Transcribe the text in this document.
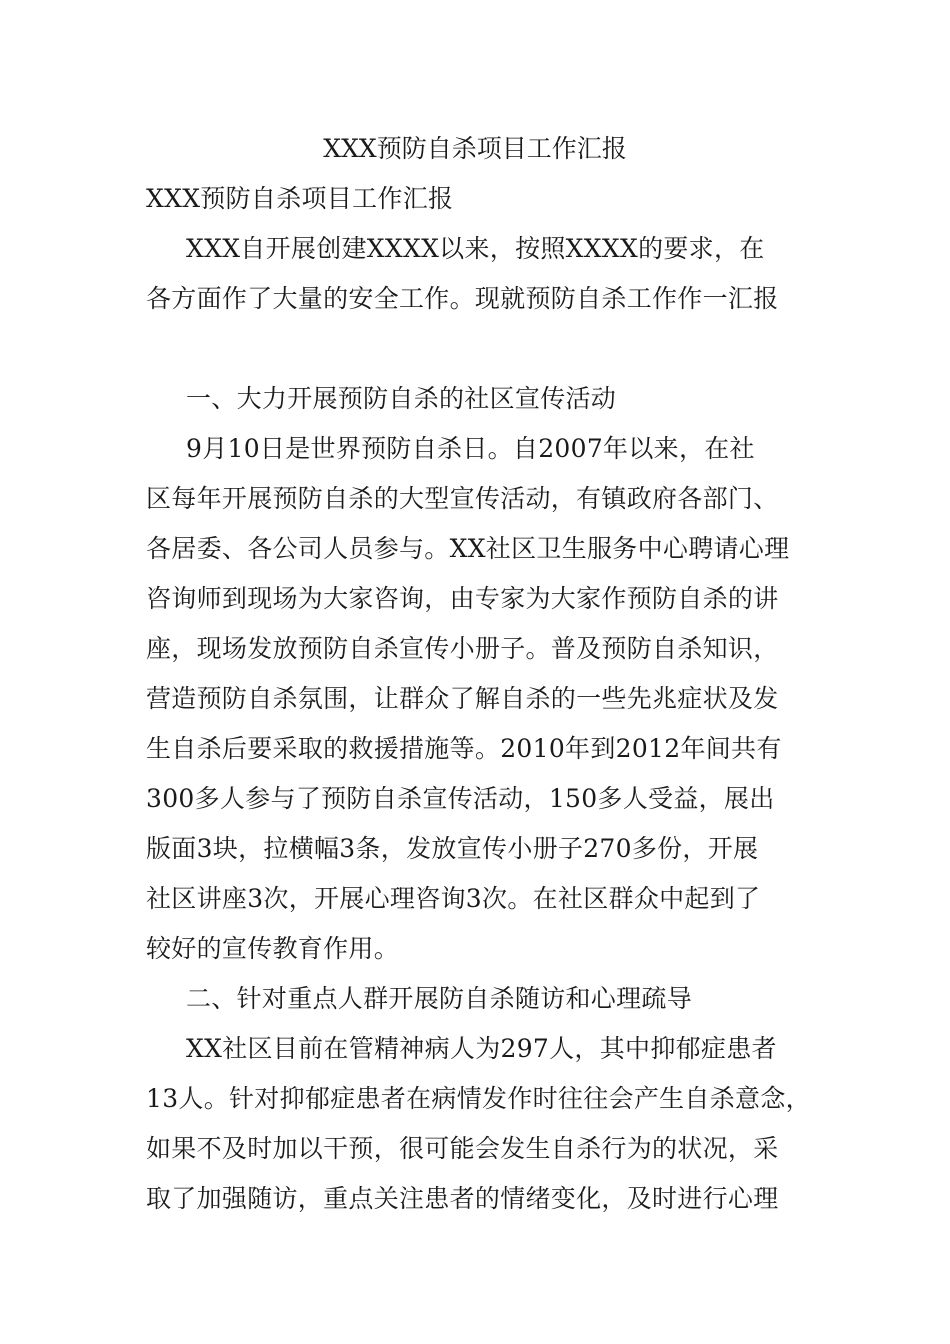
XXX预防自杀项目工作汇报
XXX预防自杀项目工作汇报
XXX自开展创建XXXX以来，按照XXXX的要求，在
各方面作了大量的安全工作。现就预防自杀工作作一汇报
一、大力开展预防自杀的社区宣传活动
9月10日是世界预防自杀日。自2007年以来，在社
区每年开展预防自杀的大型宣传活动，有镇政府各部门、
各居委、各公司人员参与。XX社区卫生服务中心聘请心理
咨询师到现场为大家咨询，由专家为大家作预防自杀的讲
座，现场发放预防自杀宣传小册子。普及预防自杀知识，
营造预防自杀氛围，让群众了解自杀的一些先兆症状及发
生自杀后要采取的救援措施等。2010年到2012年间共有
300多人参与了预防自杀宣传活动，150多人受益，展出
版面3块，拉横幅3条，发放宣传小册子270多份，开展
社区讲座3次，开展心理咨询3次。在社区群众中起到了
较好的宣传教育作用。
二、针对重点人群开展防自杀随访和心理疏导
XX社区目前在管精神病人为297人，其中抑郁症患者
13人。针对抑郁症患者在病情发作时往往会产生自杀意念，
如果不及时加以干预，很可能会发生自杀行为的状况，采
取了加强随访，重点关注患者的情绪变化，及时进行心理
